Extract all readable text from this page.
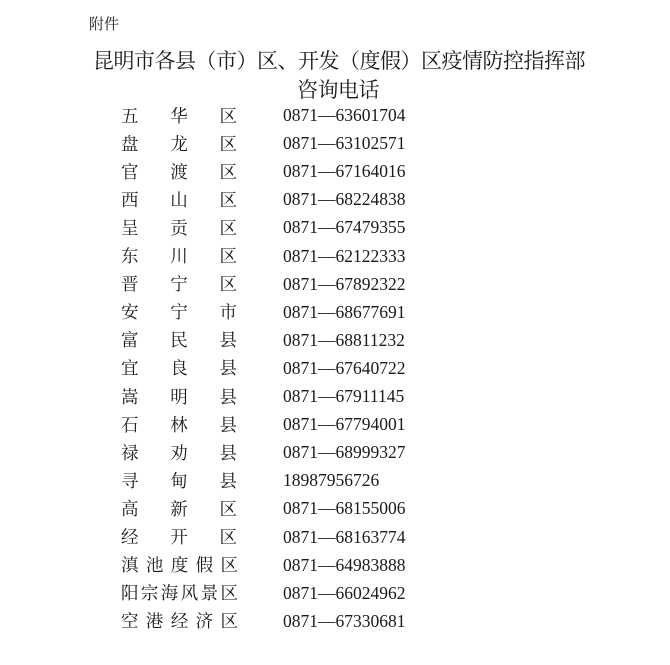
附件
昆明市各县（市）区、开发（度假）区疫情防控指挥部
咨询电话
五 华 区	0871—63601704
盘 龙 区	0871—63102571
官 渡 区	0871—67164016
西 山 区	0871—68224838
呈 贡 区	0871—67479355
东 川 区	0871—62122333
晋 宁 区	0871—67892322
安 宁 市	0871—68677691
富 民 县	0871—68811232
宜 良 县	0871—67640722
嵩 明 县	0871—67911145
石 林 县	0871—67794001
禄 劝 县	0871—68999327
寻 甸 县	18987956726
高 新 区	0871—68155006
经 开 区	0871—68163774
滇 池 度 假 区	0871—64983888
阳 宗 海 风 景 区	0871—66024962
空 港 经 济 区	0871—67330681
